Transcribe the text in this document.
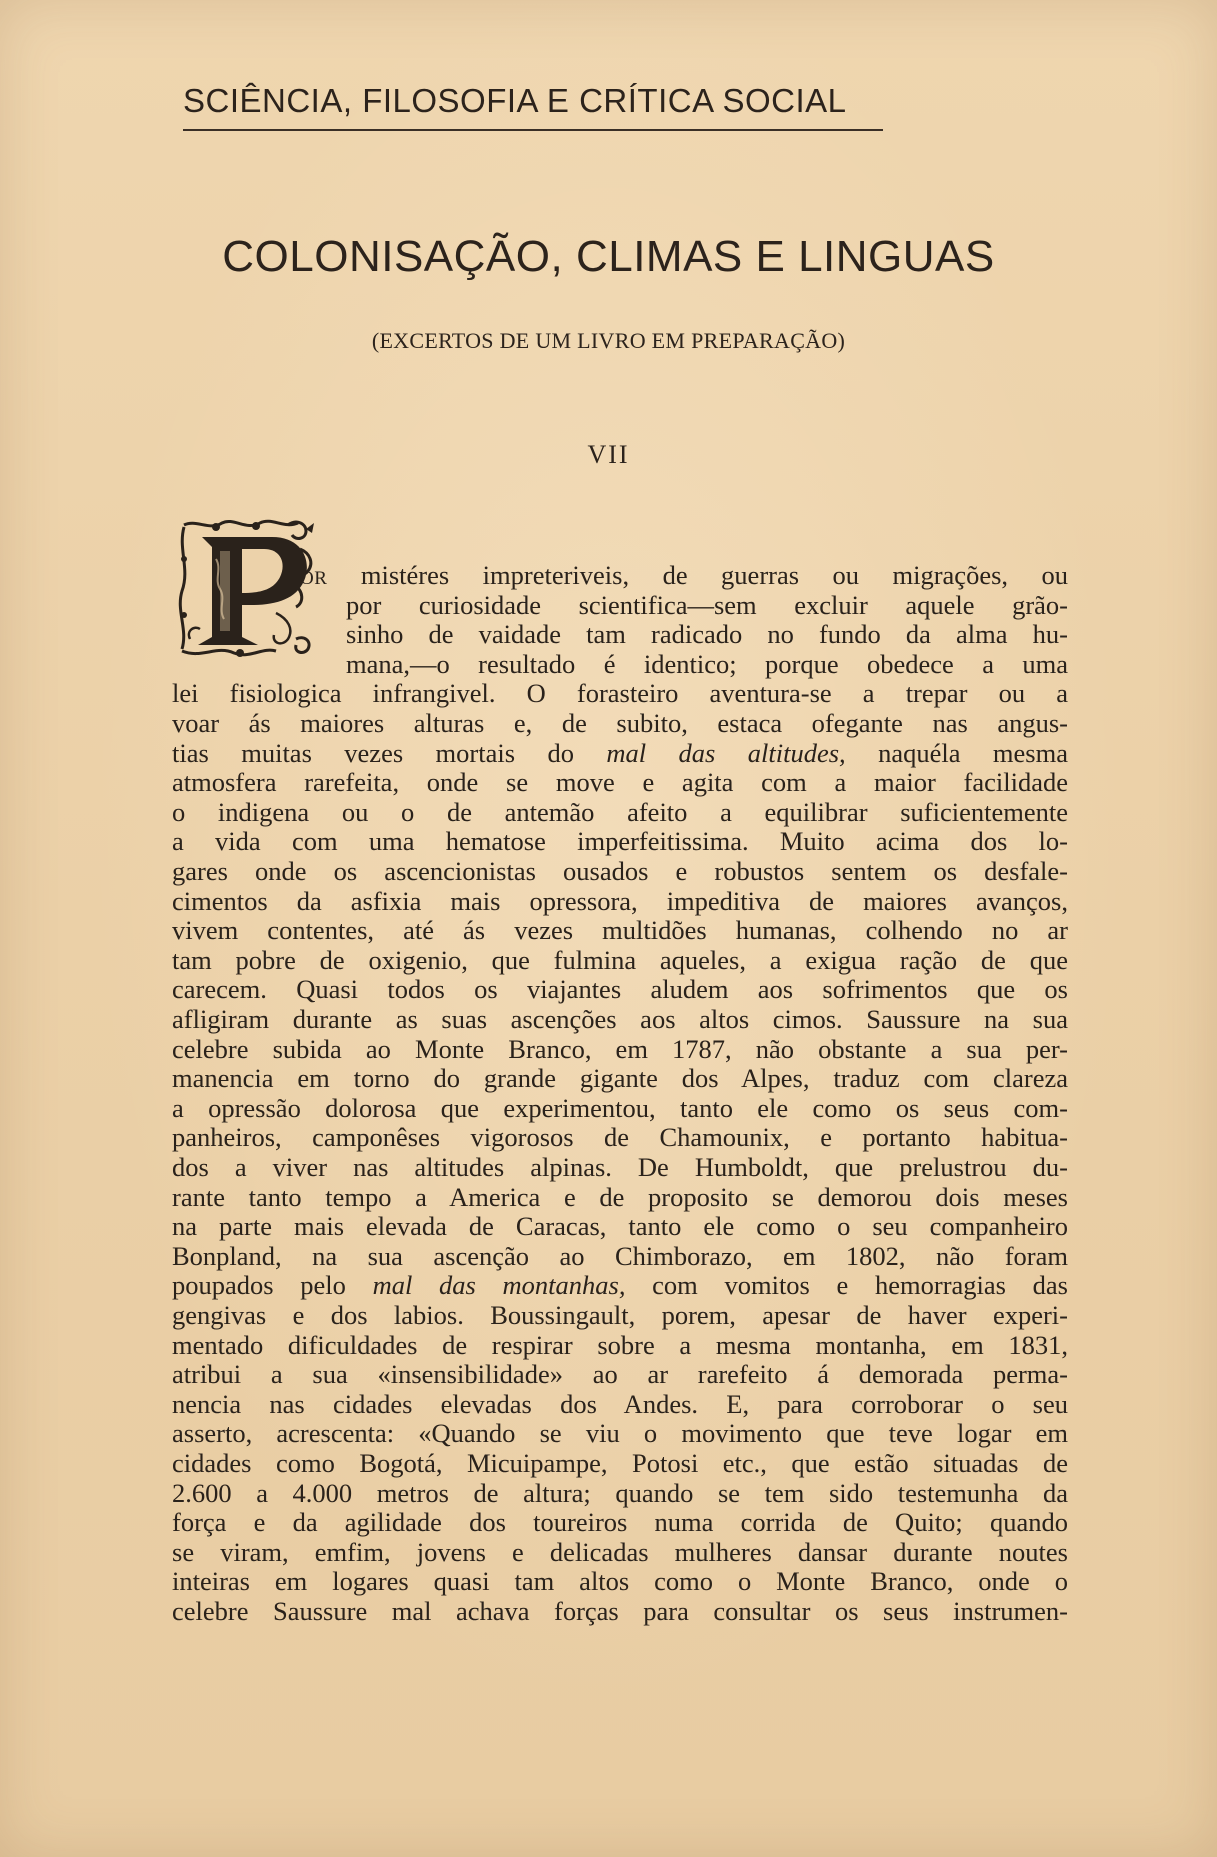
SCIÊNCIA, FILOSOFIA E CRÍTICA SOCIAL
COLONISAÇÃO, CLIMAS E LINGUAS
(EXCERTOS DE UM LIVRO EM PREPARAÇÃO)
VII
OR mistéres impreteriveis, de guerras ou migrações, ou
por curiosidade scientifica—sem excluir aquele grão-
sinho de vaidade tam radicado no fundo da alma hu-
mana,—o resultado é identico; porque obedece a uma
lei fisiologica infrangivel. O forasteiro aventura-se a trepar ou a
voar ás maiores alturas e, de subito, estaca ofegante nas angus-
tias muitas vezes mortais do mal das altitudes, naquéla mesma
atmosfera rarefeita, onde se move e agita com a maior facilidade
o indigena ou o de antemão afeito a equilibrar suficientemente
a vida com uma hematose imperfeitissima. Muito acima dos lo-
gares onde os ascencionistas ousados e robustos sentem os desfale-
cimentos da asfixia mais opressora, impeditiva de maiores avanços,
vivem contentes, até ás vezes multidões humanas, colhendo no ar
tam pobre de oxigenio, que fulmina aqueles, a exigua ração de que
carecem. Quasi todos os viajantes aludem aos sofrimentos que os
afligiram durante as suas ascenções aos altos cimos. Saussure na sua
celebre subida ao Monte Branco, em 1787, não obstante a sua per-
manencia em torno do grande gigante dos Alpes, traduz com clareza
a opressão dolorosa que experimentou, tanto ele como os seus com-
panheiros, camponêses vigorosos de Chamounix, e portanto habitua-
dos a viver nas altitudes alpinas. De Humboldt, que prelustrou du-
rante tanto tempo a America e de proposito se demorou dois meses
na parte mais elevada de Caracas, tanto ele como o seu companheiro
Bonpland, na sua ascenção ao Chimborazo, em 1802, não foram
poupados pelo mal das montanhas, com vomitos e hemorragias das
gengivas e dos labios. Boussingault, porem, apesar de haver experi-
mentado dificuldades de respirar sobre a mesma montanha, em 1831,
atribui a sua «insensibilidade» ao ar rarefeito á demorada perma-
nencia nas cidades elevadas dos Andes. E, para corroborar o seu
asserto, acrescenta: «Quando se viu o movimento que teve logar em
cidades como Bogotá, Micuipampe, Potosi etc., que estão situadas de
2.600 a 4.000 metros de altura; quando se tem sido testemunha da
força e da agilidade dos toureiros numa corrida de Quito; quando
se viram, emfim, jovens e delicadas mulheres dansar durante noutes
inteiras em logares quasi tam altos como o Monte Branco, onde o
celebre Saussure mal achava forças para consultar os seus instrumen-
